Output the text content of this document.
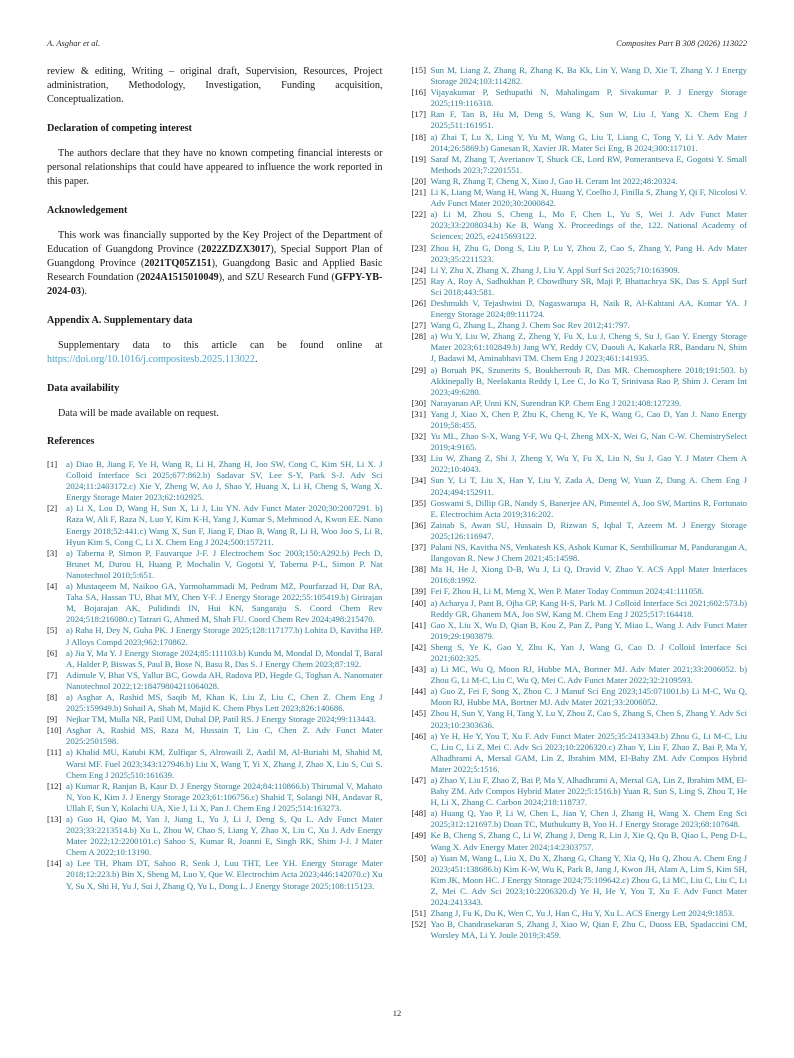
A. Asghar et al.	Composites Part B 308 (2026) 113022

review & editing, Writing – original draft, Supervision, Resources, Project administration, Methodology, Investigation, Funding acquisition, Conceptualization.

Declaration of competing interest

The authors declare that they have no known competing financial interests or personal relationships that could have appeared to influence the work reported in this paper.

Acknowledgement

This work was financially supported by the Key Project of the Department of Education of Guangdong Province (2022ZDZX3017), Special Support Plan of Guangdong Province (2021TQ05Z151), Guangdong Basic and Applied Basic Research Foundation (2024A1515010049), and SZU Research Fund (GFPY-YB-2024-03).

Appendix A. Supplementary data

Supplementary data to this article can be found online at https://doi.org/10.1016/j.compositesb.2025.113022.

Data availability

Data will be made available on request.

References
[1] a) Diao B, Jiang F, Ye H, Wang R, Li H, Zhang H, Joo SW, Cong C, Kim SH, Li X. J Colloid Interface Sci 2025;677:862.b) Sadavar SV, Lee S-Y, Park S-J. Adv Sci 2024;11:2403172.c) Xie Y, Zheng W, Ao J, Shao Y, Huang X, Li H, Cheng S, Wang X. Energy Storage Mater 2023;62:102925.
[2] a) Li X, Lou D, Wang H, Sun X, Li J, Liu YN. Adv Funct Mater 2020;30:2007291. b) Raza W, Ali F, Raza N, Luo Y, Kim K-H, Yang J, Kumar S, Mehmood A, Kwon EE. Nano Energy 2018;52:441.c) Wang X, Sun F, Jiang F, Diao B, Wang R, Li H, Woo Joo S, Li R, Hyun Kim S, Cong C, Li X. Chem Eng J 2024;500:157211.
[3] a) Taberna P, Simon P, Fauvarque J-F. J Electrochem Soc 2003;150:A292.b) Pech D, Brunet M, Durou H, Huang P, Mochalin V, Gogotsi Y, Taberna P-L, Simon P. Nat Nanotechnol 2010;5:651.
[4] a) Mustaqeem M, Naikoo GA, Yarmohammadi M, Pedram MZ, Pourfarzad H, Dar RA, Taha SA, Hassan TU, Bhat MY, Chen Y-F. J Energy Storage 2022;55:105419.b) Girirajan M, Bojarajan AK, Pulidindi IN, Hui KN, Sangaraju S. Coord Chem Rev 2024;518:216080.c) Tatrari G, Ahmed M, Shah FU. Coord Chem Rev 2024;498:215470.
[5] a) Raha H, Dey N, Guha PK. J Energy Storage 2025;128:117177.b) Lohita D, Kavitha HP. J Alloys Compd 2023;962:170862.
[6] a) Jia Y, Ma Y. J Energy Storage 2024;85:111103.b) Kundu M, Mondal D, Mondal T, Baral A, Halder P, Biswas S, Paul B, Bose N, Basu R, Das S. J Energy Chem 2023;87:192.
[7] Adimule V, Bhat VS, Yallur BC, Gowda AH, Radova PD, Hegde G, Toghan A. Nanomater Nanotechnol 2022;12:18479804211064028.
[8] a) Asghar A, Rashid MS, Saqib M, Khan K, Liu Z, Liu C, Chen Z. Chem Eng J 2025:159949.b) Sohail A, Shah M, Majid K. Chem Phys Lett 2023;826:140686.
[9] Nejkar TM, Mulla NR, Patil UM, Dubal DP, Patil RS. J Energy Storage 2024;99:113443.
[10] Asghar A, Rashid MS, Raza M, Hussain T, Liu C, Chen Z. Adv Funct Mater 2025:2501598.
[11] a) Khalid MU, Katubi KM, Zulfiqar S, Alrowaili Z, Aadil M, Al-Buriahi M, Shahid M, Warsi MF. Fuel 2023;343:127946.b) Liu X, Wang T, Yi X, Zhang J, Zhao X, Liu S, Cui S. Chem Eng J 2025;510:161639.
[12] a) Kumar R, Ranjan B, Kaur D. J Energy Storage 2024;84:110866.b) Thirumal V, Mahato N, Yoo K, Kim J. J Energy Storage 2023;61:106756.c) Shahid T, Solangi NH, Andavar R, Ullah F, Sun Y, Kolachi UA, Xie J, Li X, Pan J. Chem Eng J 2025;514:163273.
[13] a) Guo H, Qiao M, Yan J, Jiang L, Yu J, Li J, Deng S, Qu L. Adv Funct Mater 2023;33:2213514.b) Xu L, Zhou W, Chao S, Liang Y, Zhao X, Liu C, Xu J. Adv Energy Mater 2022;12:2200101.c) Sahoo S, Kumar R, Joanni E, Singh RK, Shim J-J. J Mater Chem A 2022;10:13190.
[14] a) Lee TH, Pham DT, Sahoo R, Seok J, Luu THT, Lee YH. Energy Storage Mater 2018;12:223.b) Bin X, Sheng M, Luo Y, Que W. Electrochim Acta 2023;446:142070.c) Xu Y, Su X, Shi H, Yu J, Sui J, Zhang Q, Yu L, Dong L. J Energy Storage 2025;108:115123.
[15] Sun M, Liang Z, Zhang R, Zhang K, Ba Kk, Lin Y, Wang D, Xie T, Zhang Y. J Energy Storage 2024;103:114282.
[16] Vijayakumar P, Sethupathi N, Mahalingam P, Sivakumar P. J Energy Storage 2025;119:116318.
[17] Ran F, Tan B, Hu M, Deng S, Wang K, Sun W, Liu J, Yang X. Chem Eng J 2025;511:161951.
[18] a) Zhai T, Lu X, Ling Y, Yu M, Wang G, Liu T, Liang C, Tong Y, Li Y. Adv Mater 2014;26:5869.b) Ganesan R, Xavier JR. Mater Sci Eng, B 2024;300:117101.
[19] Saraf M, Zhang T, Averianov T, Shuck CE, Lord RW, Pomerantseva E, Gogotsi Y. Small Methods 2023;7:2201551.
[20] Wang R, Zhang T, Cheng X, Xiao J, Gao H. Ceram Int 2022;48:20324.
[21] Li K, Liang M, Wang H, Wang X, Huang Y, Coelho J, Finilla S, Zhang Y, Qi F, Nicolosi V. Adv Funct Mater 2020;30:2000842.
[22] a) Li M, Zhou S, Cheng L, Mo F, Chen L, Yu S, Wei J. Adv Funct Mater 2023;33:2208034.b) Ke B, Wang X. Proceedings of the, 122. National Academy of Sciences; 2025, e2415693122.
[23] Zhou H, Zhu G, Dong S, Liu P, Lu Y, Zhou Z, Cao S, Zhang Y, Pang H. Adv Mater 2023;35:2211523.
[24] Li Y, Zhu X, Zhang X, Zhang J, Liu Y. Appl Surf Sci 2025;710:163909.
[25] Ray A, Roy A, Sadhukhan P, Chowdhury SR, Maji P, Bhattachrya SK, Das S. Appl Surf Sci 2018;443:581.
[26] Deshmukh V, Tejashwini D, Nagaswarupa H, Naik R, Al-Kahtani AA, Kumar YA. J Energy Storage 2024;89:111724.
[27] Wang G, Zhang L, Zhang J. Chem Soc Rev 2012;41:797.
[28] a) Wu Y, Liu W, Zhang Z, Zheng Y, Fu X, Lu J, Cheng S, Su J, Gao Y. Energy Storage Mater 2023;61:102849.b) Jang WY, Reddy CV, Daouli A, Kakarla RR, Bandaru N, Shim J, Badawi M, Aminabhavi TM. Chem Eng J 2023;461:141935.
[29] a) Boruah PK, Szunerits S, Boukherroub R, Das MR. Chemosphere 2018;191:503. b) Akkinepally B, Neelakanta Reddy I, Lee C, Jo Ko T, Srinivasa Rao P, Shim J. Ceram Int 2023;49:6280.
[30] Narayanan AP, Unni KN, Surendran KP. Chem Eng J 2021;408:127239.
[31] Yang J, Xiao X, Chen P, Zhu K, Cheng K, Ye K, Wang G, Cao D, Yan J. Nano Energy 2019;58:455.
[32] Yu ML, Zhao S-X, Wang Y-F, Wu Q-l, Zheng MX-X, Wei G, Nan C-W. ChemistrySelect 2019;4:9165.
[33] Liu W, Zhang Z, Shi J, Zheng Y, Wu Y, Fu X, Liu N, Su J, Gao Y. J Mater Chem A 2022;10:4043.
[34] Sun Y, Li T, Liu X, Han Y, Liu Y, Zada A, Deng W, Yuan Z, Dang A. Chem Eng J 2024;494:152911.
[35] Goswami S, Dillip GR, Nandy S, Banerjee AN, Pimentel A, Joo SW, Martins R, Fortunato E. Electrochim Acta 2019;316:202.
[36] Zainab S, Awan SU, Hussain D, Rizwan S, Iqbal T, Azeem M. J Energy Storage 2025;126:116947.
[37] Palani NS, Kavitha NS, Venkatesh KS, Ashok Kumar K, Senthilkumar M, Pandurangan A, Ilangovan R. New J Chem 2021;45:14598.
[38] Ma H, He J, Xiong D-B, Wu J, Li Q, Dravid V, Zhao Y. ACS Appl Mater Interfaces 2016;8:1992.
[39] Fei F, Zhou H, Li M, Meng X, Wen P. Mater Today Commun 2024;41:111058.
[40] a) Acharya J, Pant B, Ojha GP, Kang H-S, Park M. J Colloid Interface Sci 2021;602:573.b) Reddy GR, Ghanem MA, Joo SW, Kang M. Chem Eng J 2025;517:164418.
[41] Gao X, Liu X, Wu D, Qian B, Kou Z, Pan Z, Pang Y, Miao L, Wang J. Adv Funct Mater 2019;29:1903879.
[42] Sheng S, Ye K, Gao Y, Zhu K, Yan J, Wang G, Cao D. J Colloid Interface Sci 2021;602:325.
[43] a) Li MC, Wu Q, Moon RJ, Hubbe MA, Bortner MJ. Adv Mater 2021;33:2006052. b) Zhou G, Li M-C, Liu C, Wu Q, Mei C. Adv Funct Mater 2022;32:2109593.
[44] a) Guo Z, Fei F, Song X, Zhou C. J Manuf Sci Eng 2023;145:071001.b) Li M-C, Wu Q, Moon RJ, Hubbe MA, Bortner MJ. Adv Mater 2021;33:2006052.
[45] Zhou H, Sun Y, Yang H, Tang Y, Lu Y, Zhou Z, Cao S, Zhang S, Chen S, Zhang Y. Adv Sci 2023;10:2303636.
[46] a) Ye H, He Y, You T, Xu F. Adv Funct Mater 2025;35:2413343.b) Zhou G, Li M-C, Liu C, Liu C, Li Z, Mei C. Adv Sci 2023;10:2206320.c) Zhao Y, Liu F, Zhao Z, Bai P, Ma Y, Alhadhrami A, Mersal GAM, Lin Z, Ibrahim MM, El-Bahy ZM. Adv Compos Hybrid Mater 2022;5:1516.
[47] a) Zhao Y, Liu F, Zhao Z, Bai P, Ma Y, Alhadhrami A, Mersal GA, Lin Z, Ibrahim MM, El-Bahy ZM. Adv Compos Hybrid Mater 2022;5:1516.b) Yuan R, Sun S, Ling S, Zhou T, He H, Li X, Zhang C. Carbon 2024;218:118737.
[48] a) Huang Q, Yao P, Li W, Chen L, Jian Y, Chen J, Zhang H, Wang X. Chem Eng Sci 2025;312:121697.b) Doan TC, Muthukutty B, Yoo H. J Energy Storage 2023;68:107648.
[49] Ke B, Cheng S, Zhang C, Li W, Zhang J, Deng R, Lin J, Xie Q, Qu B, Qiao L, Peng D-L, Wang X. Adv Energy Mater 2024;14:2303757.
[50] a) Yuan M, Wang L, Liu X, Du X, Zhang G, Chang Y, Xia Q, Hu Q, Zhou A. Chem Eng J 2023;451:138686.b) Kim K-W, Wu K, Park B, Jang J, Kwon JH, Alam A, Lim S, Kim SH, Kim JK, Moon HC. J Energy Storage 2024;75:109642.c) Zhou G, Li MC, Liu C, Liu C, Li Z, Mei C. Adv Sci 2023;10:2206320.d) Ye H, He Y, You T, Xu F. Adv Funct Mater 2024:2413343.
[51] Zhang J, Fu K, Du K, Wen C, Yu J, Han C, Hu Y, Xu L. ACS Energy Lett 2024;9:1853.
[52] Yao B, Chandrasekaran S, Zhang J, Xiao W, Qian F, Zhu C, Duoss EB, Spadaccini CM, Worsley MA, Li Y. Joule 2019;3:459.
12
